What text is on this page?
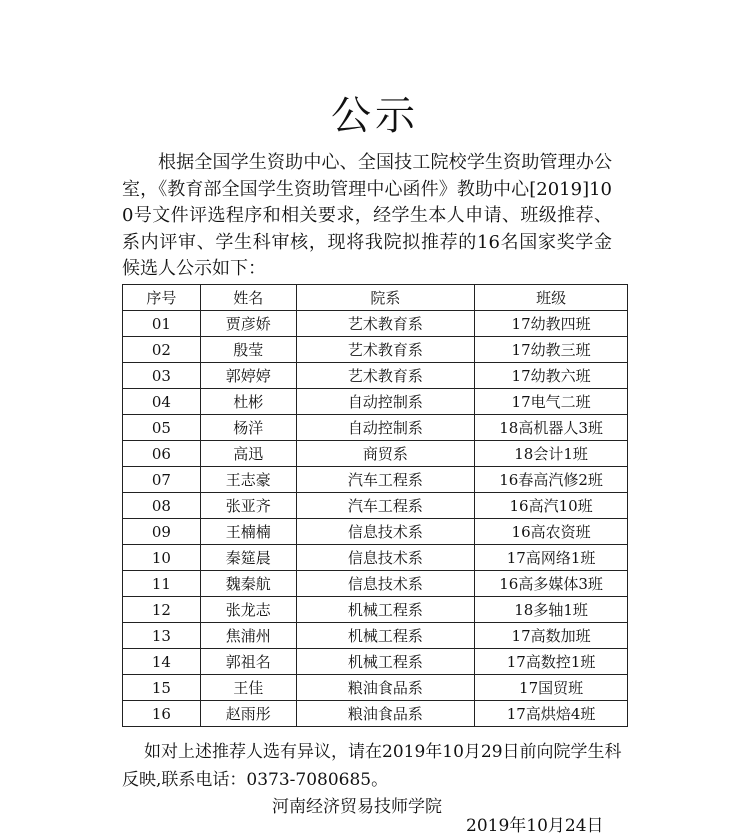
公示
根据全国学生资助中心、全国技工院校学生资助管理办公室，《教育部全国学生资助管理中心函件》教助中心[2019]100号文件评选程序和相关要求，经学生本人申请、班级推荐、系内评审、学生科审核，现将我院拟推荐的16名国家奖学金候选人公示如下：
序号	姓名	院系	班级
01	贾彦娇	艺术教育系	17幼教四班
02	殷莹	艺术教育系	17幼教三班
03	郭婷婷	艺术教育系	17幼教六班
04	杜彬	自动控制系	17电气二班
05	杨洋	自动控制系	18高机器人3班
06	高迅	商贸系	18会计1班
07	王志豪	汽车工程系	16春高汽修2班
08	张亚齐	汽车工程系	16高汽10班
09	王楠楠	信息技术系	16高农资班
10	秦筵晨	信息技术系	17高网络1班
11	魏秦航	信息技术系	16高多媒体3班
12	张龙志	机械工程系	18多轴1班
13	焦浦州	机械工程系	17高数加班
14	郭祖名	机械工程系	17高数控1班
15	王佳	粮油食品系	17国贸班
16	赵雨彤	粮油食品系	17高烘焙4班
如对上述推荐人选有异议，请在2019年10月29日前向院学生科反映,联系电话：0373-7080685。
河南经济贸易技师学院
2019年10月24日
